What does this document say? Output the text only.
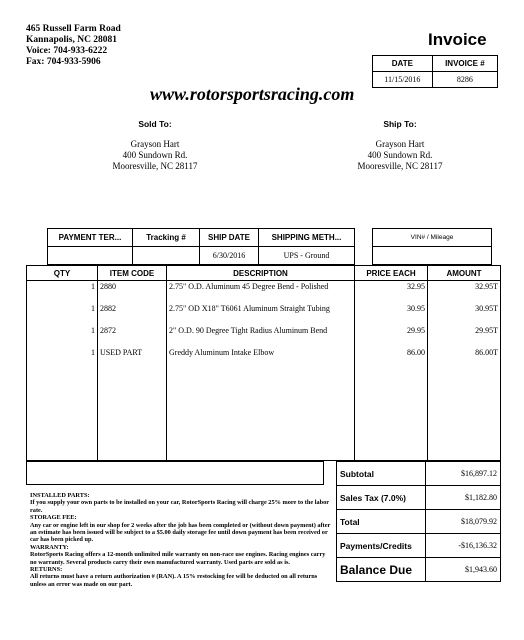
465 Russell Farm Road
Kannapolis, NC 28081
Voice: 704-933-6222
Fax: 704-933-5906
Invoice
www.rotorsportsracing.com
DATE	INVOICE #
11/15/2016	8286
Sold To:
Grayson Hart
400 Sundown Rd.
Mooresville, NC 28117
Ship To:
Grayson Hart
400 Sundown Rd.
Mooresville, NC 28117
PAYMENT TER...	Tracking #	SHIP DATE	SHIPPING METH...
		6/30/2016	UPS - Ground
VIN# / Mileage

QTY	ITEM CODE	DESCRIPTION	PRICE EACH	AMOUNT
1	2880	2.75" O.D. Aluminum 45 Degree Bend - Polished	32.95	32.95T
1	2882	2.75" OD X18" T6061 Aluminum Straight Tubing	30.95	30.95T
1	2872	2" O.D. 90 Degree Tight Radius Aluminum Bend	29.95	29.95T
1	USED PART	Greddy Aluminum Intake Elbow	86.00	86.00T

Subtotal	$16,897.12
Sales Tax (7.0%)	$1,182.80
Total	$18,079.92
Payments/Credits	-$16,136.32
Balance Due	$1,943.60

INSTALLED PARTS:

If you supply your own parts to be installed on your car, RotorSports Racing will charge 25% more to the labor rate.

STORAGE FEE:

Any car or engine left in our shop for 2 weeks after the job has been completed or (without down payment) after an estimate has been issued will be subject to a $5.00 daily storage fee until down payment has been received or car has been picked up.

WARRANTY:

RotorSports Racing offers a 12-month unlimited mile warranty on non-race use engines. Racing engines carry no warranty. Several products carry their own manufactured warranty. Used parts are sold as is.

RETURNS:

All returns must have a return authorization # (RAN). A 15% restocking fee will be deducted on all returns unless an error was made on our part.
